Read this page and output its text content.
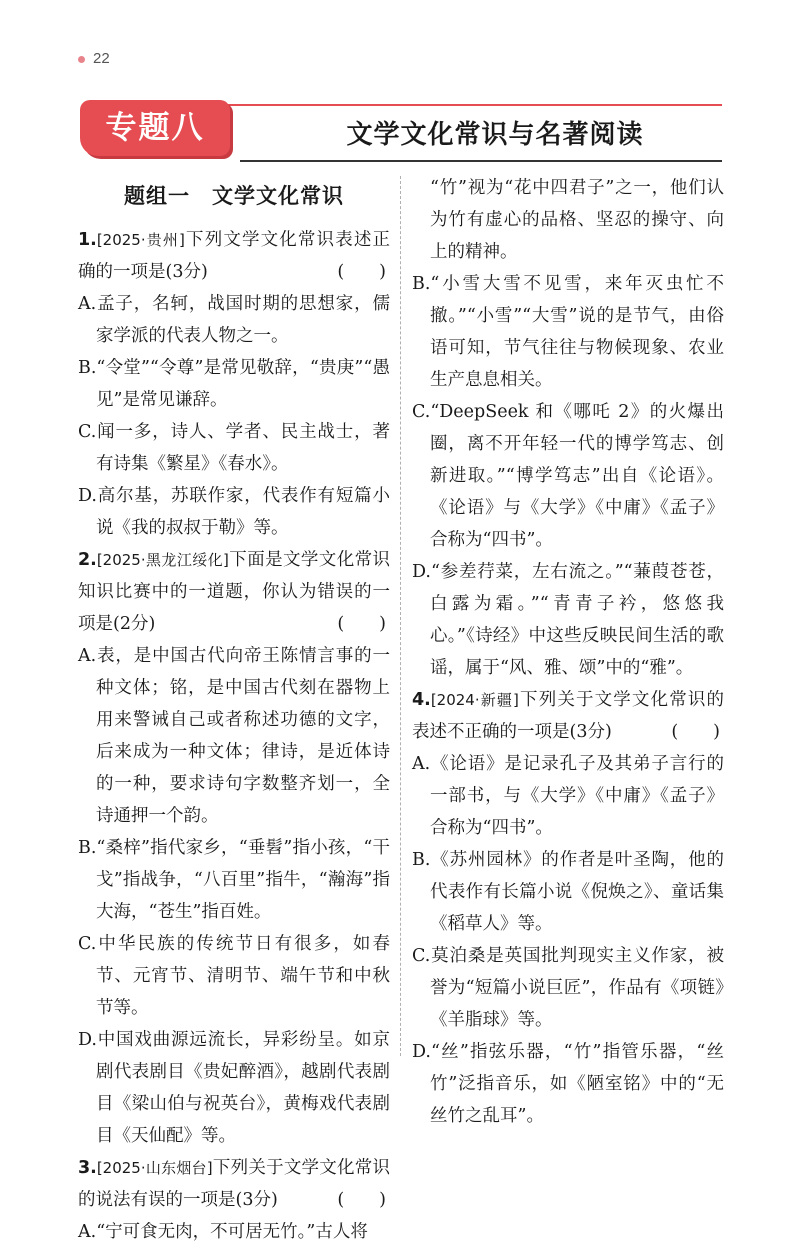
22
专题八	文学文化常识与名著阅读
题组一　文学文化常识
1.[2025·贵州]下列文学文化常识表述正确的一项是(3分)	(　　)
A.孟子，名轲，战国时期的思想家，儒家学派的代表人物之一。
B.“令堂”“令尊”是常见敬辞，“贵庚”“愚见”是常见谦辞。
C.闻一多，诗人、学者、民主战士，著有诗集《繁星》《春水》。
D.高尔基，苏联作家，代表作有短篇小说《我的叔叔于勒》等。
2.[2025·黑龙江绥化]下面是文学文化常识知识比赛中的一道题，你认为错误的一项是(2分)	(　　)
A.表，是中国古代向帝王陈情言事的一种文体；铭，是中国古代刻在器物上用来警诫自己或者称述功德的文字，后来成为一种文体；律诗，是近体诗的一种，要求诗句字数整齐划一，全诗通押一个韵。
B.“桑梓”指代家乡，“垂髫”指小孩，“干戈”指战争，“八百里”指牛，“瀚海”指大海，“苍生”指百姓。
C.中华民族的传统节日有很多，如春节、元宵节、清明节、端午节和中秋节等。
D.中国戏曲源远流长，异彩纷呈。如京剧代表剧目《贵妃醉酒》，越剧代表剧目《梁山伯与祝英台》，黄梅戏代表剧目《天仙配》等。
3.[2025·山东烟台]下列关于文学文化常识的说法有误的一项是(3分)	(　　)
A.“宁可食无肉，不可居无竹。”古人将
“竹”视为“花中四君子”之一，他们认为竹有虚心的品格、坚忍的操守、向上的精神。
B.“小雪大雪不见雪，来年灭虫忙不撤。”“小雪”“大雪”说的是节气，由俗语可知，节气往往与物候现象、农业生产息息相关。
C.“DeepSeek 和《哪吒 2》的火爆出圈，离不开年轻一代的博学笃志、创新进取。”“博学笃志”出自《论语》。《论语》与《大学》《中庸》《孟子》合称为“四书”。
D.“参差荇菜，左右流之。”“蒹葭苍苍，白露为霜。”“青青子衿，悠悠我心。”《诗经》中这些反映民间生活的歌谣，属于“风、雅、颂”中的“雅”。
4.[2024·新疆]下列关于文学文化常识的表述不正确的一项是(3分)	(　　)
A.《论语》是记录孔子及其弟子言行的一部书，与《大学》《中庸》《孟子》合称为“四书”。
B.《苏州园林》的作者是叶圣陶，他的代表作有长篇小说《倪焕之》、童话集《稻草人》等。
C.莫泊桑是英国批判现实主义作家，被誉为“短篇小说巨匠”，作品有《项链》《羊脂球》等。
D.“丝”指弦乐器，“竹”指管乐器，“丝竹”泛指音乐，如《陋室铭》中的“无丝竹之乱耳”。
